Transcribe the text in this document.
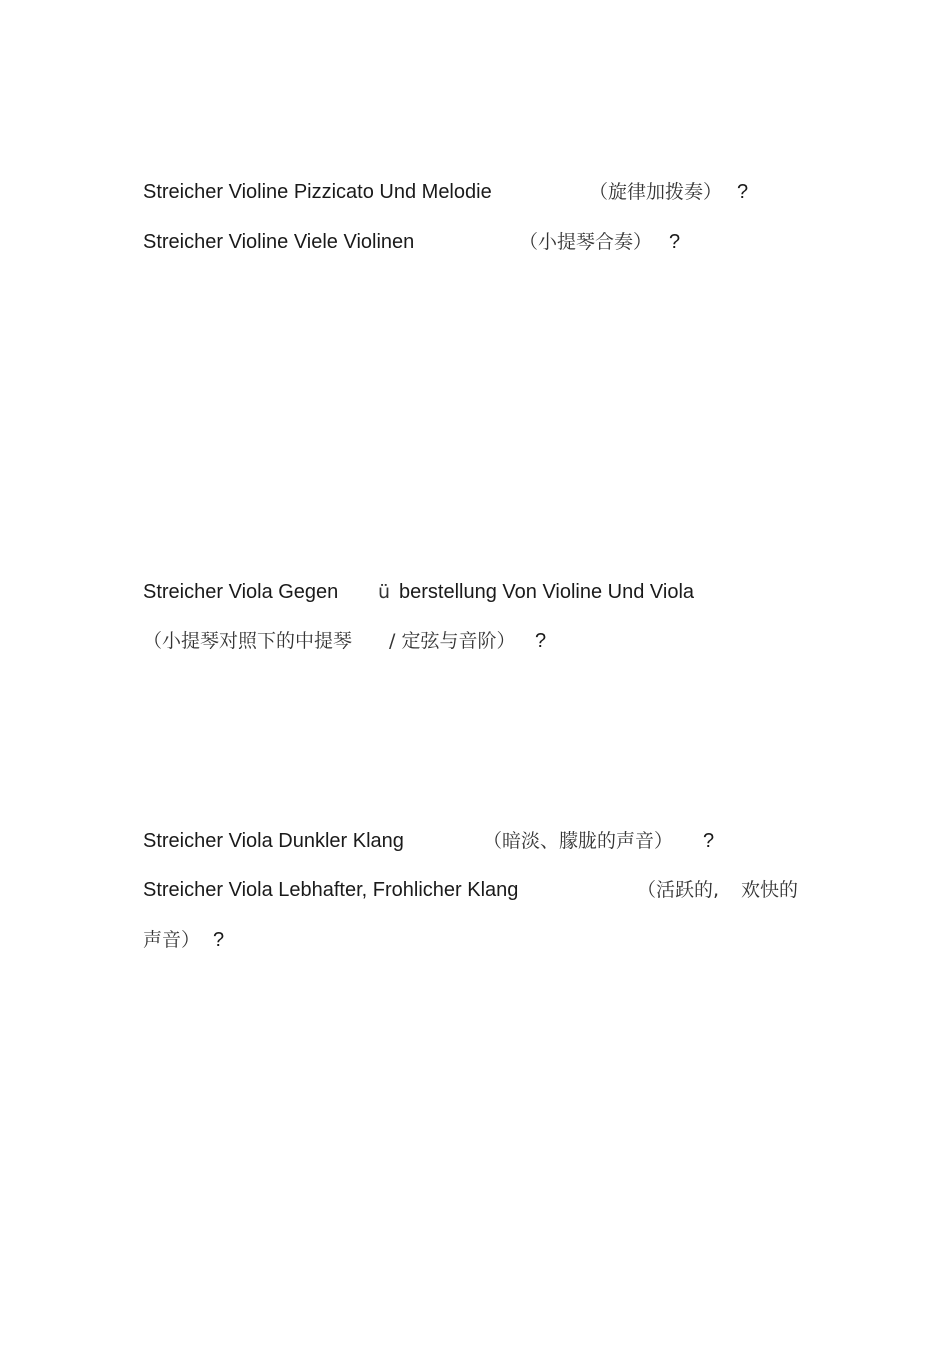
Streicher Violine Pizzicato Und Melodie	（旋律加拨奏） ?
Streicher Violine Viele Violinen	（小提琴合奏） ?
Streicher Viola Gegen ü berstellung Von Violine Und Viola
（小提琴对照下的中提琴 / 定弦与音阶） ?
Streicher Viola Dunkler Klang	（暗淡、朦胧的声音） ?
Streicher Viola Lebhafter, Frohlicher Klang	（活跃的, 欢快的
声音） ?
